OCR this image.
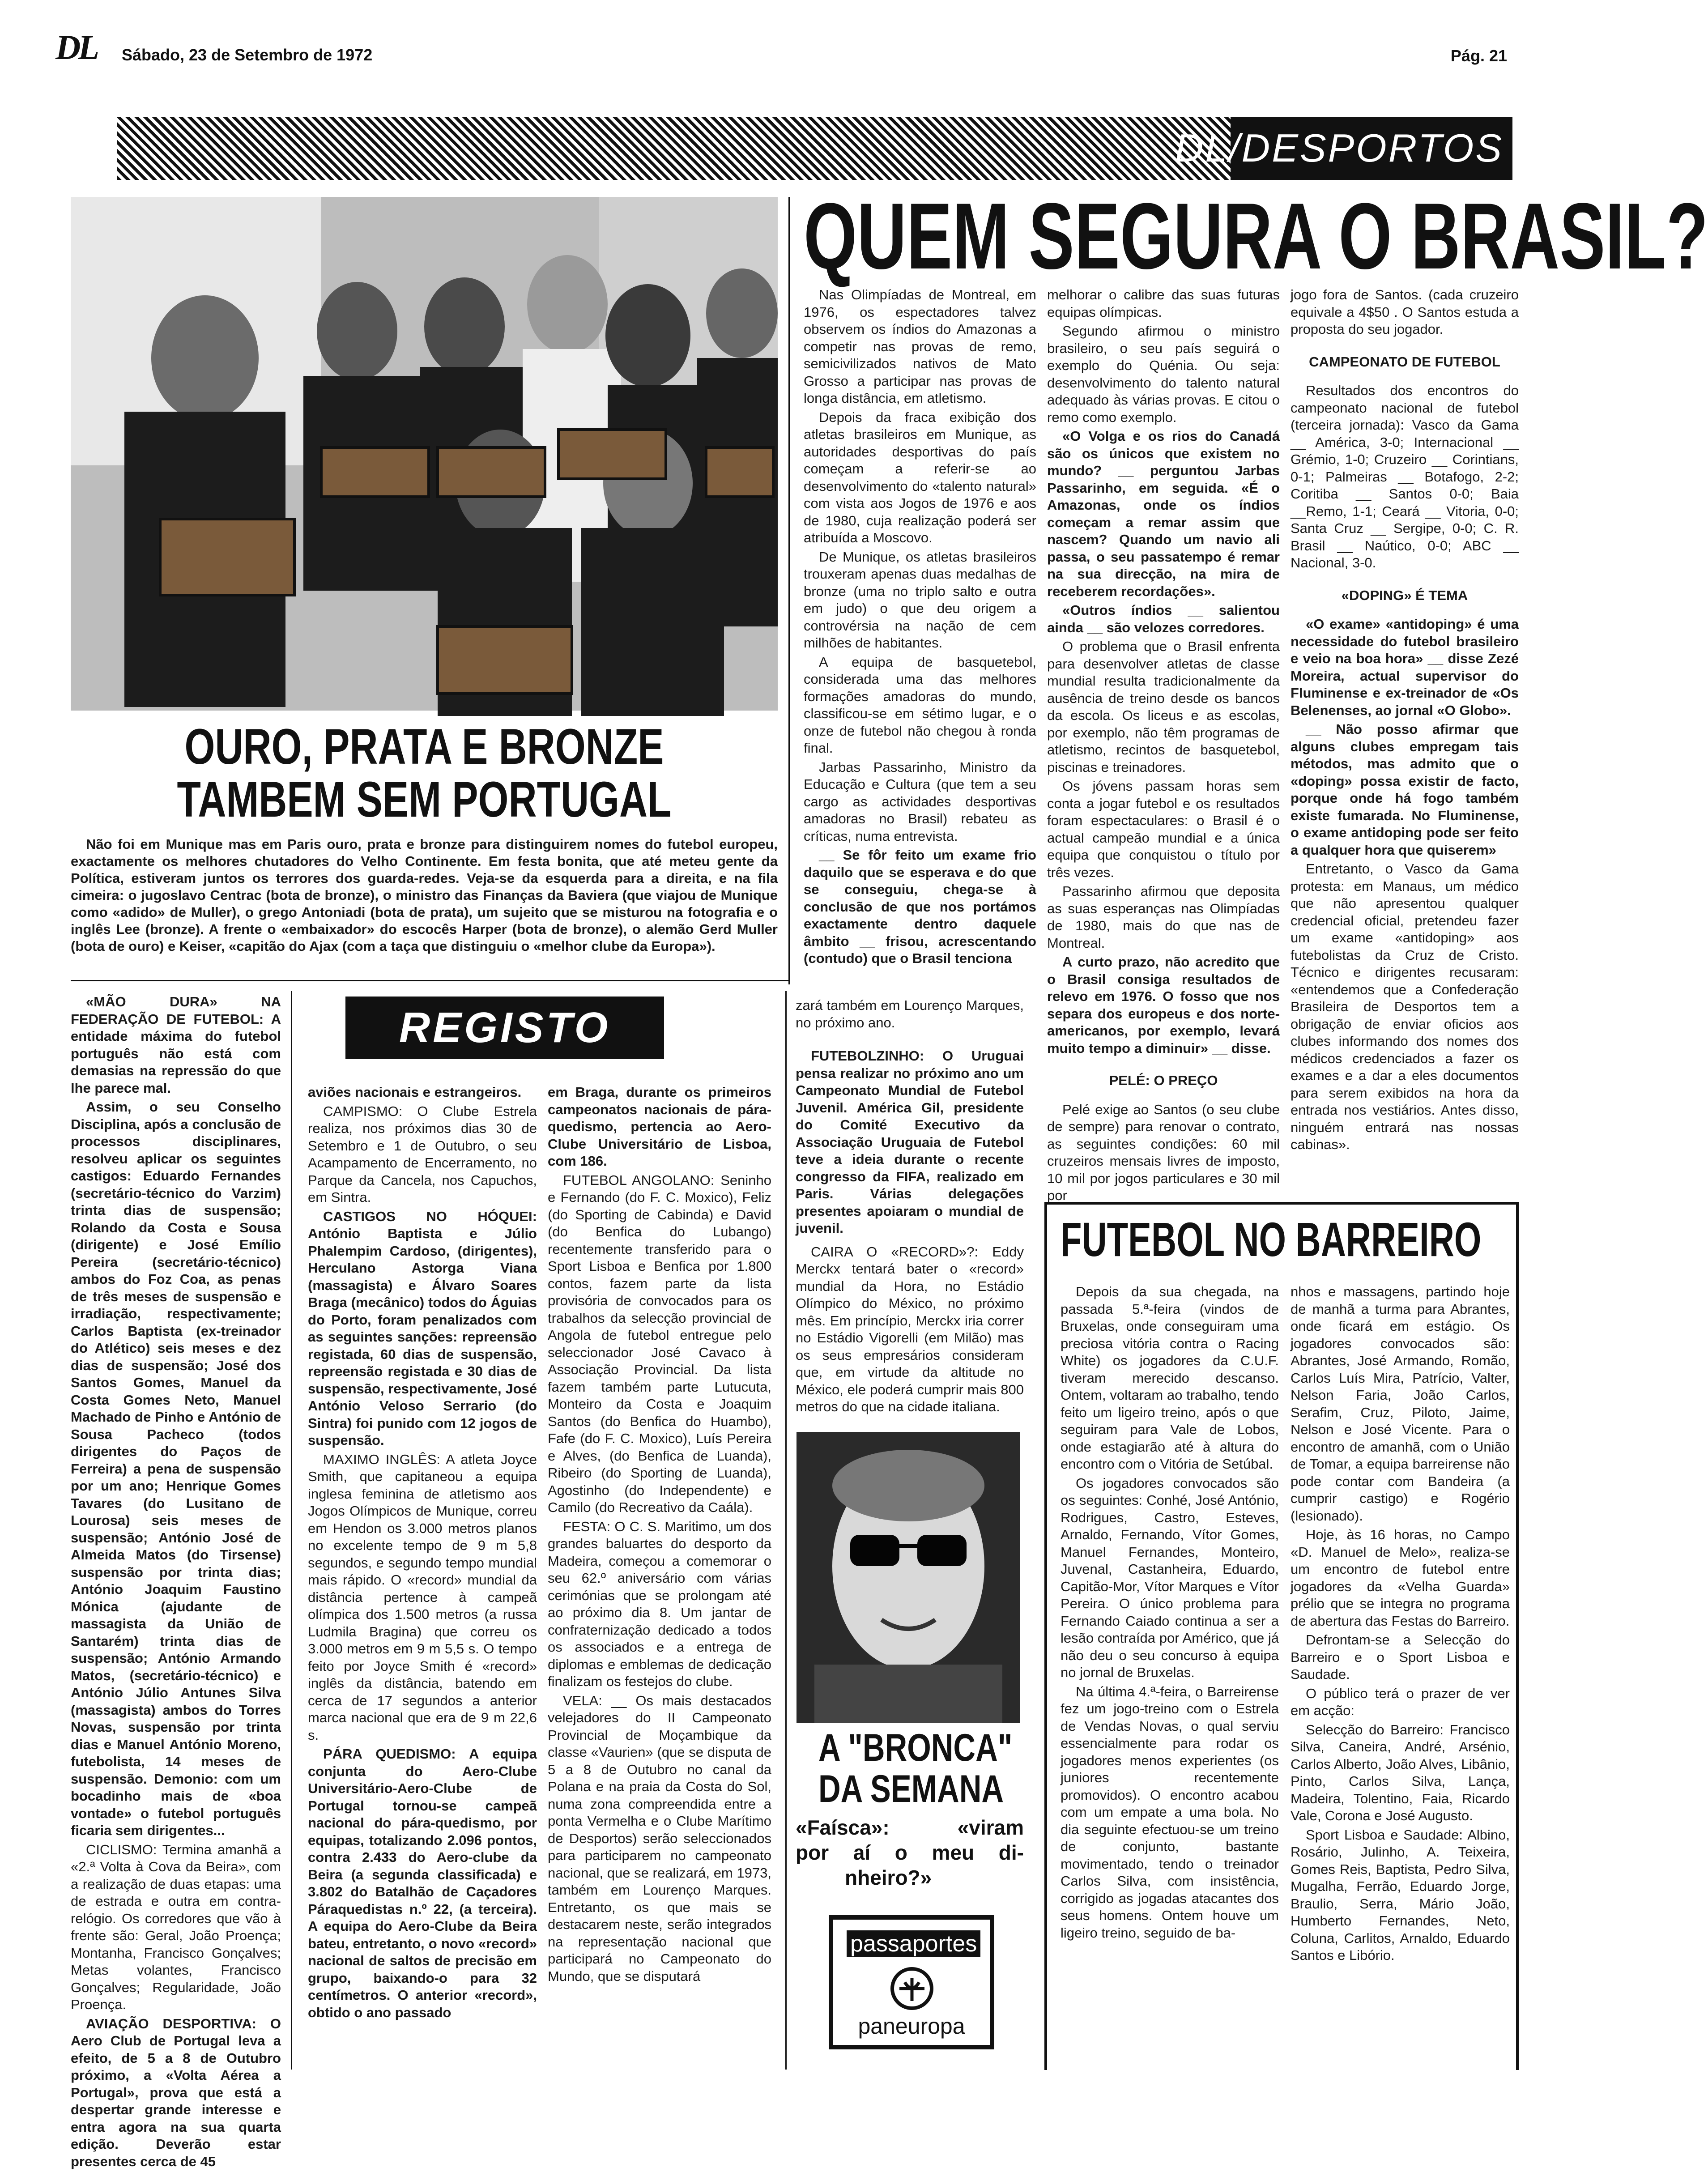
DL Sábado, 23 de Setembro de 1972	Pág. 21
DL/DESPORTOS
OURO, PRATA E BRONZE
TAMBEM SEM PORTUGAL

Não foi em Munique mas em Paris ouro, prata e bronze para distinguirem nomes do futebol europeu, exactamente os melhores chutadores do Velho Continente. Em festa bonita, que até meteu gente da Política, estiveram juntos os terrores dos guarda-redes. Veja-se da esquerda para a direita, e na fila cimeira: o jugoslavo Centrac (bota de bronze), o ministro das Finanças da Baviera (que viajou de Munique como «adido» de Muller), o grego Antoniadi (bota de prata), um sujeito que se misturou na fotografia e o inglês Lee (bronze). A frente o «embaixador» do escocês Harper (bota de bronze), o alemão Gerd Muller (bota de ouro) e Keiser, «capitão do Ajax (com a taça que distinguiu o «melhor clube da Europa»).

QUEM SEGURA O BRASIL?

Nas Olimpíadas de Montreal, em 1976, os espectadores talvez observem os índios do Amazonas a competir nas provas de remo, semicivilizados nativos de Mato Grosso a participar nas provas de longa distância, em atletismo.

Depois da fraca exibição dos atletas brasileiros em Munique, as autoridades desportivas do país começam a referir-se ao desenvolvimento do «talento natural» com vista aos Jogos de 1976 e aos de 1980, cuja realização poderá ser atribuída a Moscovo.

De Munique, os atletas brasileiros trouxeram apenas duas medalhas de bronze (uma no triplo salto e outra em judo) o que deu origem a controvérsia na nação de cem milhões de habitantes.

A equipa de basquetebol, considerada uma das melhores formações amadoras do mundo, classificou-se em sétimo lugar, e o onze de futebol não chegou à ronda final.

Jarbas Passarinho, Ministro da Educação e Cultura (que tem a seu cargo as actividades desportivas amadoras no Brasil) rebateu as críticas, numa entrevista.

__ Se fôr feito um exame frio daquilo que se esperava e do que se conseguiu, chega-se à conclusão de que nos portámos exactamente dentro daquele âmbito __ frisou, acrescentando (contudo) que o Brasil tenciona

melhorar o calibre das suas futuras equipas olímpicas.

Segundo afirmou o ministro brasileiro, o seu país seguirá o exemplo do Quénia. Ou seja: desenvolvimento do talento natural adequado às várias provas. E citou o remo como exemplo.

«O Volga e os rios do Canadá são os únicos que existem no mundo? __ perguntou Jarbas Passarinho, em seguida. «É o Amazonas, onde os índios começam a remar assim que nascem? Quando um navio ali passa, o seu passatempo é remar na sua direcção, na mira de receberem recordações».

«Outros índios __ salientou ainda __ são velozes corredores.

O problema que o Brasil enfrenta para desenvolver atletas de classe mundial resulta tradicionalmente da ausência de treino desde os bancos da escola. Os liceus e as escolas, por exemplo, não têm programas de atletismo, recintos de basquetebol, piscinas e treinadores.

Os jóvens passam horas sem conta a jogar futebol e os resultados foram espectaculares: o Brasil é o actual campeão mundial e a única equipa que conquistou o título por três vezes.

Passarinho afirmou que deposita as suas esperanças nas Olimpíadas de 1980, mais do que nas de Montreal.

A curto prazo, não acredito que o Brasil consiga resultados de relevo em 1976. O fosso que nos separa dos europeus e dos norte-americanos, por exemplo, levará muito tempo a diminuir» __ disse.

PELÉ: O PREÇO

Pelé exige ao Santos (o seu clube de sempre) para renovar o contrato, as seguintes condições: 60 mil cruzeiros mensais livres de imposto, 10 mil por jogos particulares e 30 mil por

jogo fora de Santos. (cada cruzeiro equivale a 4$50 . O Santos estuda a proposta do seu jogador.

CAMPEONATO DE FUTEBOL

Resultados dos encontros do campeonato nacional de futebol (terceira jornada): Vasco da Gama __ América, 3-0; Internacional __ Grémio, 1-0; Cruzeiro __ Corintians, 0-1; Palmeiras __ Botafogo, 2-2; Coritiba __ Santos 0-0; Baia __Remo, 1-1; Ceará __ Vitoria, 0-0; Santa Cruz __ Sergipe, 0-0; C. R. Brasil __ Naútico, 0-0; ABC __ Nacional, 3-0.

«DOPING» É TEMA

«O exame» «antidoping» é uma necessidade do futebol brasileiro e veio na boa hora» __ disse Zezé Moreira, actual supervisor do Fluminense e ex-treinador de «Os Belenenses, ao jornal «O Globo».

__ Não posso afirmar que alguns clubes empregam tais métodos, mas admito que o «doping» possa existir de facto, porque onde há fogo também existe fumarada. No Fluminense, o exame antidoping pode ser feito a qualquer hora que quiserem»

Entretanto, o Vasco da Gama protesta: em Manaus, um médico que não apresentou qualquer credencial oficial, pretendeu fazer um exame «antidoping» aos futebolistas da Cruz de Cristo. Técnico e dirigentes recusaram: «entendemos que a Confederação Brasileira de Desportos tem a obrigação de enviar oficios aos clubes informando dos nomes dos médicos credenciados a fazer os exames e a dar a eles documentos para serem exibidos na hora da entrada nos vestiários. Antes disso, ninguém entrará nas nossas cabinas».

«MÃO DURA» NA FEDERAÇÃO DE FUTEBOL: A entidade máxima do futebol português não está com demasias na repressão do que lhe parece mal.

Assim, o seu Conselho Disciplina, após a conclusão de processos disciplinares, resolveu aplicar os seguintes castigos: Eduardo Fernandes (secretário-técnico do Varzim) trinta dias de suspensão; Rolando da Costa e Sousa (dirigente) e José Emílio Pereira (secretário-técnico) ambos do Foz Coa, as penas de três meses de suspensão e irradiação, respectivamente; Carlos Baptista (ex-treinador do Atlético) seis meses e dez dias de suspensão; José dos Santos Gomes, Manuel da Costa Gomes Neto, Manuel Machado de Pinho e António de Sousa Pacheco (todos dirigentes do Paços de Ferreira) a pena de suspensão por um ano; Henrique Gomes Tavares (do Lusitano de Lourosa) seis meses de suspensão; António José de Almeida Matos (do Tirsense) suspensão por trinta dias; António Joaquim Faustino Mónica (ajudante de massagista da União de Santarém) trinta dias de suspensão; António Armando Matos, (secretário-técnico) e António Júlio Antunes Silva (massagista) ambos do Torres Novas, suspensão por trinta dias e Manuel António Moreno, futebolista, 14 meses de suspensão. Demonio: com um bocadinho mais de «boa vontade» o futebol português ficaria sem dirigentes...

CICLISMO: Termina amanhã a «2.ª Volta à Cova da Beira», com a realização de duas etapas: uma de estrada e outra em contra-relógio. Os corredores que vão à frente são: Geral, João Proença; Montanha, Francisco Gonçalves; Metas volantes, Francisco Gonçalves; Regularidade, João Proença.

AVIAÇÃO DESPORTIVA: O Aero Club de Portugal leva a efeito, de 5 a 8 de Outubro próximo, a «Volta Aérea a Portugal», prova que está a despertar grande interesse e entra agora na sua quarta edição. Deverão estar presentes cerca de 45

REGISTO

aviões nacionais e estrangeiros.

CAMPISMO: O Clube Estrela realiza, nos próximos dias 30 de Setembro e 1 de Outubro, o seu Acampamento de Encerramento, no Parque da Cancela, nos Capuchos, em Sintra.

CASTIGOS NO HÓQUEI: António Baptista e Júlio Phalempim Cardoso, (dirigentes), Herculano Astorga Viana (massagista) e Álvaro Soares Braga (mecânico) todos do Águias do Porto, foram penalizados com as seguintes sanções: repreensão registada, 60 dias de suspensão, repreensão registada e 30 dias de suspensão, respectivamente, José António Veloso Serrario (do Sintra) foi punido com 12 jogos de suspensão.

MAXIMO INGLÊS: A atleta Joyce Smith, que capitaneou a equipa inglesa feminina de atletismo aos Jogos Olímpicos de Munique, correu em Hendon os 3.000 metros planos no excelente tempo de 9 m 5,8 segundos, e segundo tempo mundial mais rápido. O «record» mundial da distância pertence à campeã olímpica dos 1.500 metros (a russa Ludmila Bragina) que correu os 3.000 metros em 9 m 5,5 s. O tempo feito por Joyce Smith é «record» inglês da distância, batendo em cerca de 17 segundos a anterior marca nacional que era de 9 m 22,6 s.

PÁRA QUEDISMO: A equipa conjunta do Aero-Clube Universitário-Aero-Clube de Portugal tornou-se campeã nacional do pára-quedismo, por equipas, totalizando 2.096 pontos, contra 2.433 do Aero-clube da Beira (a segunda classificada) e 3.802 do Batalhão de Caçadores Páraquedistas n.º 22, (a terceira). A equipa do Aero-Clube da Beira bateu, entretanto, o novo «record» nacional de saltos de precisão em grupo, baixando-o para 32 centímetros. O anterior «record», obtido o ano passado

em Braga, durante os primeiros campeonatos nacionais de pára-quedismo, pertencia ao Aero-Clube Universitário de Lisboa, com 186.

FUTEBOL ANGOLANO: Seninho e Fernando (do F. C. Moxico), Feliz (do Sporting de Cabinda) e David (do Benfica do Lubango) recentemente transferido para o Sport Lisboa e Benfica por 1.800 contos, fazem parte da lista provisória de convocados para os trabalhos da selecção provincial de Angola de futebol entregue pelo seleccionador José Cavaco à Associação Provincial. Da lista fazem também parte Lutucuta, Monteiro da Costa e Joaquim Santos (do Benfica do Huambo), Fafe (do F. C. Moxico), Luís Pereira e Alves, (do Benfica de Luanda), Ribeiro (do Sporting de Luanda), Agostinho (do Independente) e Camilo (do Recreativo da Caála).

FESTA: O C. S. Maritimo, um dos grandes baluartes do desporto da Madeira, começou a comemorar o seu 62.º aniversário com várias cerimónias que se prolongam até ao próximo dia 8. Um jantar de confraternização dedicado a todos os associados e a entrega de diplomas e emblemas de dedicação finalizam os festejos do clube.

VELA: __ Os mais destacados velejadores do II Campeonato Provincial de Moçambique da classe «Vaurien» (que se disputa de 5 a 8 de Outubro no canal da Polana e na praia da Costa do Sol, numa zona compreendida entre a ponta Vermelha e o Clube Marítimo de Desportos) serão seleccionados para participarem no campeonato nacional, que se realizará, em 1973, também em Lourenço Marques. Entretanto, os que mais se destacarem neste, serão integrados na representação nacional que participará no Campeonato do Mundo, que se disputará

zará também em Lourenço Marques, no próximo ano.

FUTEBOLZINHO: O Uruguai pensa realizar no próximo ano um Campeonato Mundial de Futebol Juvenil. América Gil, presidente do Comité Executivo da Associação Uruguaia de Futebol teve a ideia durante o recente congresso da FIFA, realizado em Paris. Várias delegações presentes apoiaram o mundial de juvenil.

CAIRA O «RECORD»?: Eddy Merckx tentará bater o «record» mundial da Hora, no Estádio Olímpico do México, no próximo mês. Em princípio, Merckx iria correr no Estádio Vigorelli (em Milão) mas os seus empresários consideram que, em virtude da altitude no México, ele poderá cumprir mais 800 metros do que na cidade italiana.

A "BRONCA"
DA SEMANA
«Faísca»: «viram
por aí o meu di-
nheiro?»
passaportes
paneuropa
FUTEBOL NO BARREIRO

Depois da sua chegada, na passada 5.ª-feira (vindos de Bruxelas, onde conseguiram uma preciosa vitória contra o Racing White) os jogadores da C.U.F. tiveram merecido descanso. Ontem, voltaram ao trabalho, tendo feito um ligeiro treino, após o que seguiram para Vale de Lobos, onde estagiarão até à altura do encontro com o Vitória de Setúbal.

Os jogadores convocados são os seguintes: Conhé, José António, Rodrigues, Castro, Esteves, Arnaldo, Fernando, Vítor Gomes, Manuel Fernandes, Monteiro, Juvenal, Castanheira, Eduardo, Capitão-Mor, Vítor Marques e Vítor Pereira. O único problema para Fernando Caiado continua a ser a lesão contraída por Américo, que já não deu o seu concurso à equipa no jornal de Bruxelas.

Na última 4.ª-feira, o Barreirense fez um jogo-treino com o Estrela de Vendas Novas, o qual serviu essencialmente para rodar os jogadores menos experientes (os juniores recentemente promovidos). O encontro acabou com um empate a uma bola. No dia seguinte efectuou-se um treino de conjunto, bastante movimentado, tendo o treinador Carlos Silva, com insistência, corrigido as jogadas atacantes dos seus homens. Ontem houve um ligeiro treino, seguido de ba-

nhos e massagens, partindo hoje de manhã a turma para Abrantes, onde ficará em estágio. Os jogadores convocados são: Abrantes, José Armando, Romão, Carlos Luís Mira, Patrício, Valter, Nelson Faria, João Carlos, Serafim, Cruz, Piloto, Jaime, Nelson e José Vicente. Para o encontro de amanhã, com o União de Tomar, a equipa barreirense não pode contar com Bandeira (a cumprir castigo) e Rogério (lesionado).

Hoje, às 16 horas, no Campo «D. Manuel de Melo», realiza-se um encontro de futebol entre jogadores da «Velha Guarda» prélio que se integra no programa de abertura das Festas do Barreiro.

Defrontam-se a Selecção do Barreiro e o Sport Lisboa e Saudade.

O público terá o prazer de ver em acção:

Selecção do Barreiro: Francisco Silva, Caneira, André, Arsénio, Carlos Alberto, João Alves, Libânio, Pinto, Carlos Silva, Lança, Madeira, Tolentino, Faia, Ricardo Vale, Corona e José Augusto.

Sport Lisboa e Saudade: Albino, Rosário, Julinho, A. Teixeira, Gomes Reis, Baptista, Pedro Silva, Mugalha, Ferrão, Eduardo Jorge, Braulio, Serra, Mário João, Humberto Fernandes, Neto, Coluna, Carlitos, Arnaldo, Eduardo Santos e Libório.
